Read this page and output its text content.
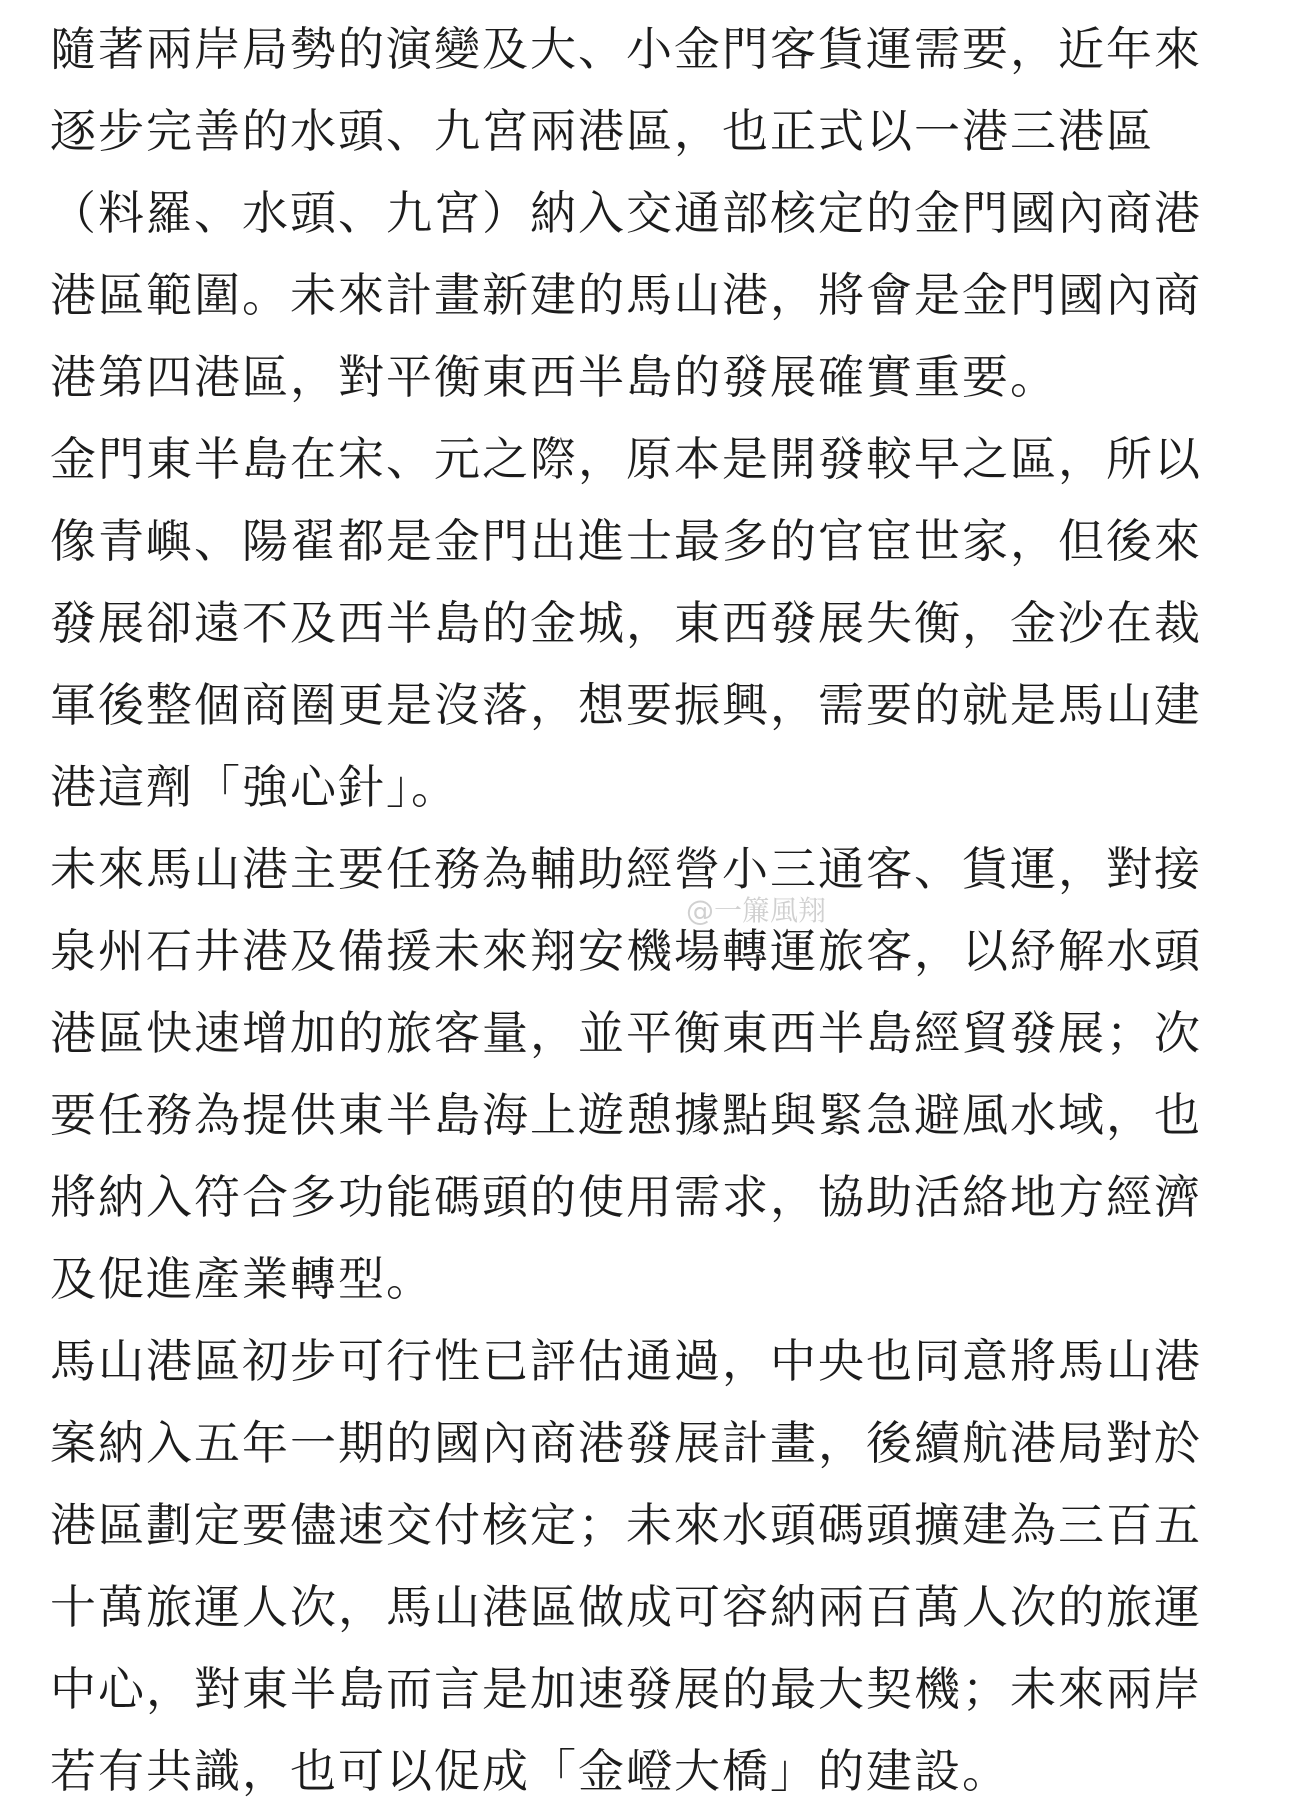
隨著兩岸局勢的演變及大、小金門客貨運需要，近年來
逐步完善的水頭、九宮兩港區，也正式以一港三港區
（料羅、水頭、九宮）納入交通部核定的金門國內商港
港區範圍。未來計畫新建的馬山港，將會是金門國內商
港第四港區，對平衡東西半島的發展確實重要。
金門東半島在宋、元之際，原本是開發較早之區，所以
像青嶼、陽翟都是金門出進士最多的官宦世家，但後來
發展卻遠不及西半島的金城，東西發展失衡，金沙在裁
軍後整個商圈更是沒落，想要振興，需要的就是馬山建
港這劑「強心針」。
未來馬山港主要任務為輔助經營小三通客、貨運，對接
泉州石井港及備援未來翔安機場轉運旅客，以紓解水頭
港區快速增加的旅客量，並平衡東西半島經貿發展；次
要任務為提供東半島海上遊憩據點與緊急避風水域，也
將納入符合多功能碼頭的使用需求，協助活絡地方經濟
及促進產業轉型。
馬山港區初步可行性已評估通過，中央也同意將馬山港
案納入五年一期的國內商港發展計畫，後續航港局對於
港區劃定要儘速交付核定；未來水頭碼頭擴建為三百五
十萬旅運人次，馬山港區做成可容納兩百萬人次的旅運
中心，對東半島而言是加速發展的最大契機；未來兩岸
若有共識，也可以促成「金嶝大橋」的建設。
@一簾風翔
